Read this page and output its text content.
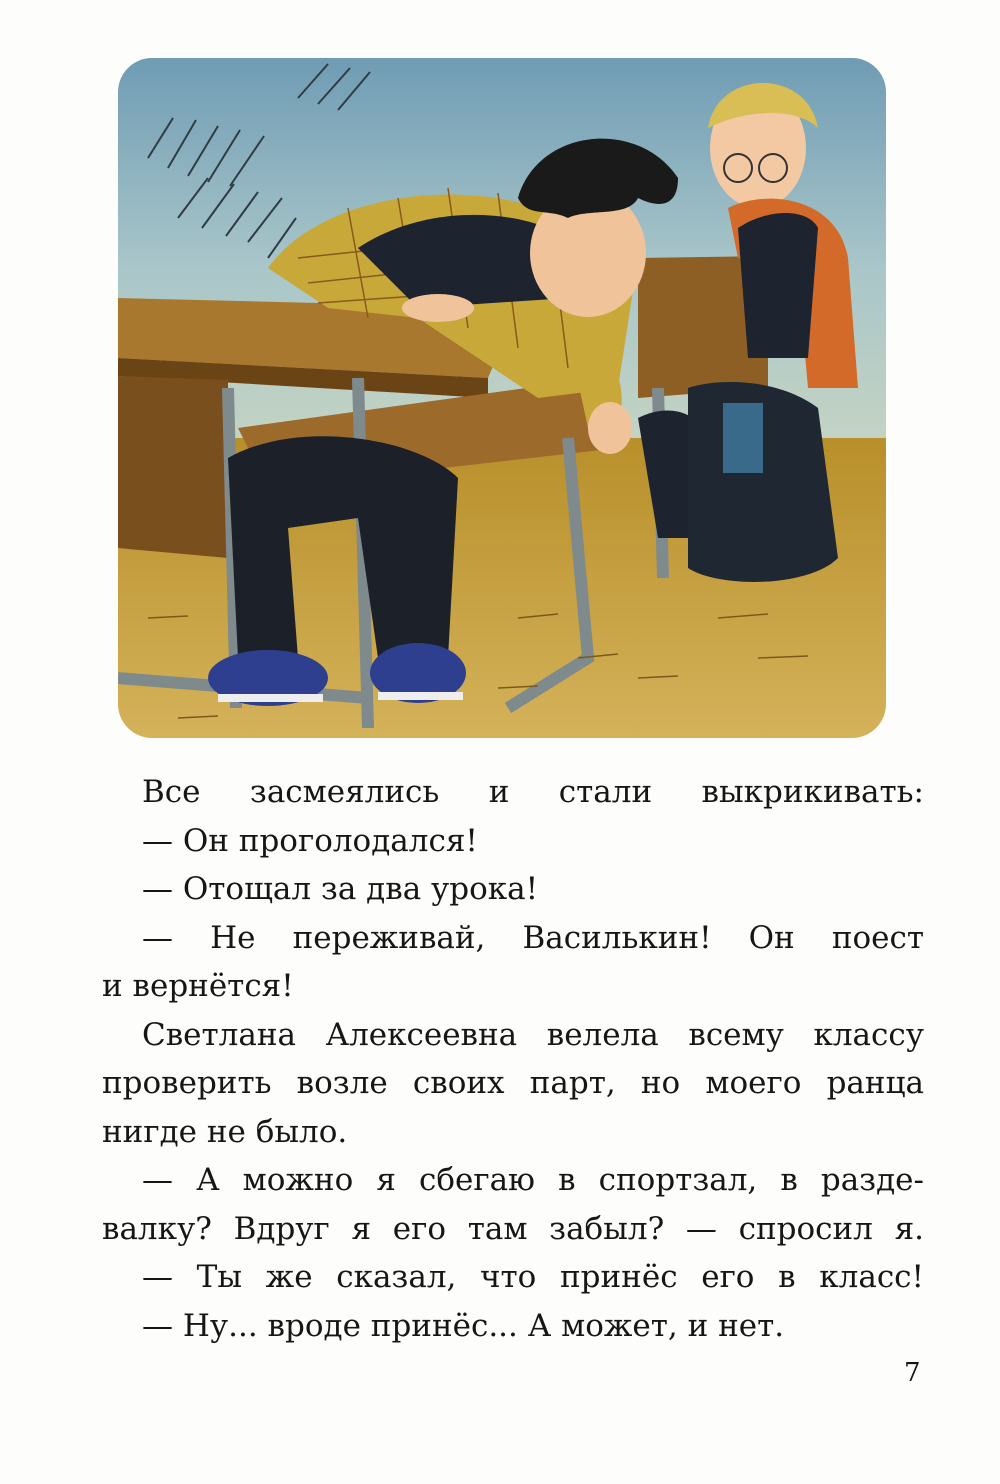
Все засмеялись и стали выкрикивать:

— Он проголодался!

— Отощал за два урока!

— Не переживай, Василькин! Он поест

и вернётся!

Светлана Алексеевна велела всему классу

проверить возле своих парт, но моего ранца

нигде не было.

— А можно я сбегаю в спортзал, в разде-

валку? Вдруг я его там забыл? — спросил я.

— Ты же сказал, что принёс его в класс!

— Ну... вроде принёс... А может, и нет.

7
